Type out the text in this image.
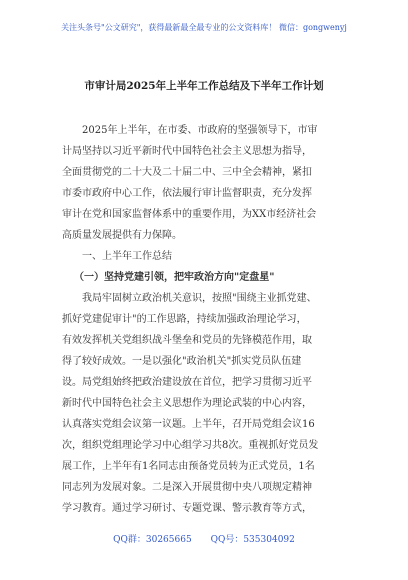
关注头条号"公文研究"，获得最新最全最专业的公文资料库！ 微信：gongwenyj
市审计局2025年上半年工作总结及下半年工作计划
2025年上半年，在市委、市政府的坚强领导下，市审
计局坚持以习近平新时代中国特色社会主义思想为指导，
全面贯彻党的二十大及二十届二中、三中全会精神，紧扣
市委市政府中心工作，依法履行审计监督职责，充分发挥
审计在党和国家监督体系中的重要作用，为XX市经济社会
高质量发展提供有力保障。
一、上半年工作总结
（一）坚持党建引领，把牢政治方向"定盘星"
我局牢固树立政治机关意识，按照"围绕主业抓党建、
抓好党建促审计"的工作思路，持续加强政治理论学习，
有效发挥机关党组织战斗堡垒和党员的先锋模范作用，取
得了较好成效。一是以强化"政治机关"抓实党员队伍建
设。局党组始终把政治建设放在首位，把学习贯彻习近平
新时代中国特色社会主义思想作为理论武装的中心内容，
认真落实党组会议第一议题。上半年，召开局党组会议16
次，组织党组理论学习中心组学习共8次。重视抓好党员发
展工作，上半年有1名同志由预备党员转为正式党员，1名
同志列为发展对象。二是深入开展贯彻中央八项规定精神
学习教育。通过学习研讨、专题党课、警示教育等方式，
QQ群：30265665 QQ号：535304092
